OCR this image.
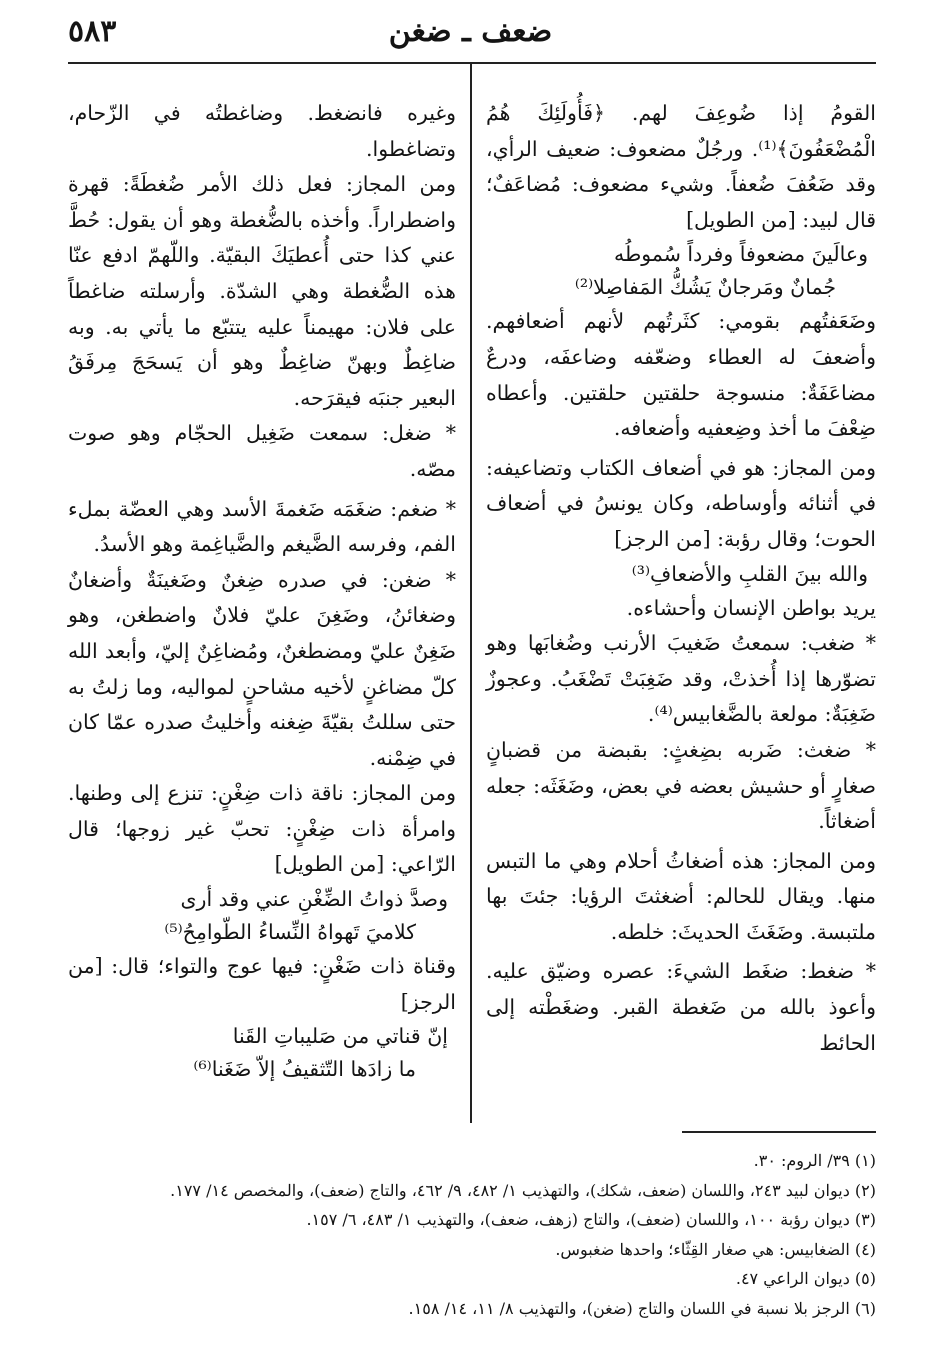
ضعف ـ ضغن
٥٨٣

القومُ إذا ضُوعِفَ لهم. ﴿فَأُولَئِكَ هُمُ الْمُضْعَفُونَ﴾⁽¹⁾. ورجُلٌ مضعوف: ضعيف الرأي، وقد ضَعُفَ ضُعفاً. وشيء مضعوف: مُضاعَفٌ؛ قال لبيد: [من الطويل]

وعالَينَ مضعوفاً وفرداً سُموطُه

جُمانٌ ومَرجانٌ يَشُكُّ المَفاصِلا⁽²⁾

وضَعَفتُهم بقومي: كثَرتُهم لأنهم أضعافهم. وأضعفَ له العطاء وضعّفه وضاعفَه، ودرعٌ مضاعَفَةٌ: منسوجة حلقتين حلقتين. وأعطاه ضِعْفَ ما أخذ وضِعفيه وأضعافه.

ومن المجاز: هو في أضعاف الكتاب وتضاعيفه: في أثنائه وأوساطه، وكان يونسُ في أضعاف الحوت؛ وقال رؤبة: [من الرجز]

والله بينَ القلبِ والأضعافِ⁽³⁾

يريد بواطن الإنسان وأحشاءه.

* ضغب: سمعتُ ضَغيبَ الأرنب وضُغابَها وهو تضوّرها إذا أُخذتْ، وقد ضَغِبَتْ تَضْغَبُ. وعجوزٌ ضَغِبَةٌ: مولعة بالضَّغابيس⁽⁴⁾.

* ضغث: ضَربه بضِغثٍ: بقبضة من قضبانٍ صغارٍ أو حشيش بعضه في بعض، وضَغَثَه: جعله أضغاثاً.

ومن المجاز: هذه أضغاثُ أحلام وهي ما التبس منها. ويقال للحالم: أضغثتَ الرؤيا: جئتَ بها ملتبسة. وضَغَثَ الحديثَ: خلطه.

* ضغط: ضغَط الشيءَ: عصره وضيّق عليه. وأعوذ بالله من ضَغطة القبر. وضغَطْته إلى الحائط

وغيره فانضغط. وضاغطتُه في الزّحام، وتضاغطوا.

ومن المجاز: فعل ذلك الأمر ضُغطَةً: قهرة واضطراراً. وأخذه بالضُّغطة وهو أن يقول: حُطَّ عني كذا حتى أُعطيَكَ البقيّة. واللّهمّ ادفع عنّا هذه الضُّغطة وهي الشدّة. وأرسلته ضاغطاً على فلان: مهيمناً عليه يتتبّع ما يأتي به. وبه ضاغِطٌ وبهنّ ضاغِطٌ وهو أن يَسحَجَ مِرفَقُ البعير جنبَه فيقرَحه.

* ضغل: سمعت ضَغِيل الحجّام وهو صوت مصّه.

* ضغم: ضغَمَه ضَغمةَ الأسد وهي العضّة بملء الفم، وفرسه الضَّيغم والضَّياغِمة وهو الأسدُ.

* ضغن: في صدره ضِغنٌ وضَغينَةٌ وأضغانٌ وضغائنُ، وضَغِنَ عليّ فلانٌ واضطغن، وهو ضَغِنٌ عليّ ومضطغنٌ، ومُضاغِنٌ إليّ، وأبعد الله كلّ مضاغنٍ لأخيه مشاحنٍ لمواليه، وما زلتُ به حتى سللتُ بقيّةَ ضِغنه وأخليتُ صدره عمّا كان في ضِمْنه.

ومن المجاز: ناقة ذات ضِغْنٍ: تنزع إلى وطنها. وامرأة ذات ضِغْنٍ: تحبّ غير زوجها؛ قال الرّاعي: [من الطويل]

وصدَّ ذواتُ الضِّغْنِ عني وقد أرى

كلاميَ تَهواهُ النِّساءُ الطّوامِحُ⁽⁵⁾

وقناة ذات ضَغْنٍ: فيها عوج والتواء؛ قال: [من الرجز]

إنّ قناتي من صَليباتِ القَنا

ما زادَها التّثقيفُ إلاّ ضَغَنا⁽⁶⁾

(١) ٣٩/ الروم: ٣٠.
(٢) ديوان لبيد ٢٤٣، واللسان (ضعف، شكك)، والتهذيب ١/ ٤٨٢، ٩/ ٤٦٢، والتاج (ضعف)، والمخصص ١٤/ ١٧٧.
(٣) ديوان رؤبة ١٠٠، واللسان (ضعف)، والتاج (زهف، ضعف)، والتهذيب ١/ ٤٨٣، ٦/ ١٥٧.
(٤) الضغابيس: هي صغار القِثّاء؛ واحدها ضغبوس.
(٥) ديوان الراعي ٤٧.
(٦) الرجز بلا نسبة في اللسان والتاج (ضغن)، والتهذيب ٨/ ١١، ١٤/ ١٥٨.
